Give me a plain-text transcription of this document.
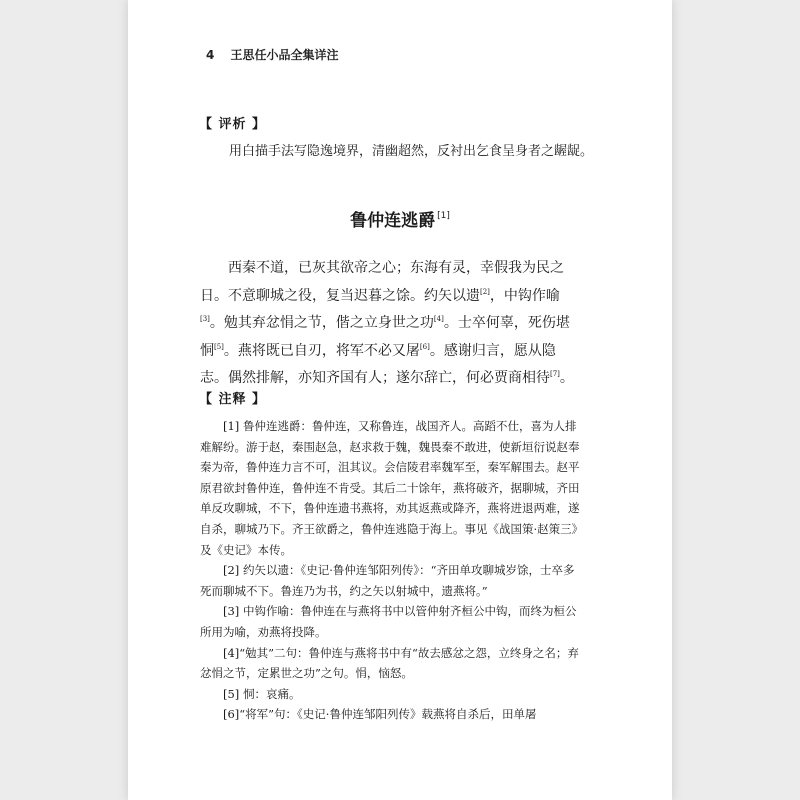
4 王思任小品全集详注
【 评析 】
用白描手法写隐逸境界，清幽超然，反衬出乞食呈身者之龌龊。
鲁仲连逃爵 [1]

西秦不道，已灰其欲帝之心；东海有灵，幸假我为民之日。不意聊城之役，复当迟暮之馀。约矢以遗[2]，中钩作喻[3]。勉其弃忿悁之节，偕之立身世之功[4]。士卒何辜，死伤堪恫[5]。燕将既已自刃，将军不必又屠[6]。感谢归言，愿从隐志。偶然排解，亦知齐国有人；遂尔辞亡，何必贾商相待[7]。

【 注释 】

[1] 鲁仲连逃爵：鲁仲连，又称鲁连，战国齐人。高蹈不仕，喜为人排难解纷。游于赵，秦围赵急，赵求救于魏，魏畏秦不敢进，使新垣衍说赵奉秦为帝，鲁仲连力言不可，沮其议。会信陵君率魏军至，秦军解围去。赵平原君欲封鲁仲连，鲁仲连不肯受。其后二十馀年，燕将破齐，据聊城，齐田单反攻聊城，不下，鲁仲连遗书燕将，劝其返燕或降齐，燕将进退两难，遂自杀，聊城乃下。齐王欲爵之，鲁仲连逃隐于海上。事见《战国策·赵策三》及《史记》本传。

[2] 约矢以遗：《史记·鲁仲连邹阳列传》：“齐田单攻聊城岁馀，士卒多死而聊城不下。鲁连乃为书，约之矢以射城中，遗燕将。”

[3] 中钩作喻：鲁仲连在与燕将书中以管仲射齐桓公中钩，而终为桓公所用为喻，劝燕将投降。

[4]“勉其”二句：鲁仲连与燕将书中有“故去感忿之怨，立终身之名；弃忿悁之节，定累世之功”之句。悁，恼怒。

[5] 恫：哀痛。

[6]“将军”句：《史记·鲁仲连邹阳列传》载燕将自杀后，田单屠
